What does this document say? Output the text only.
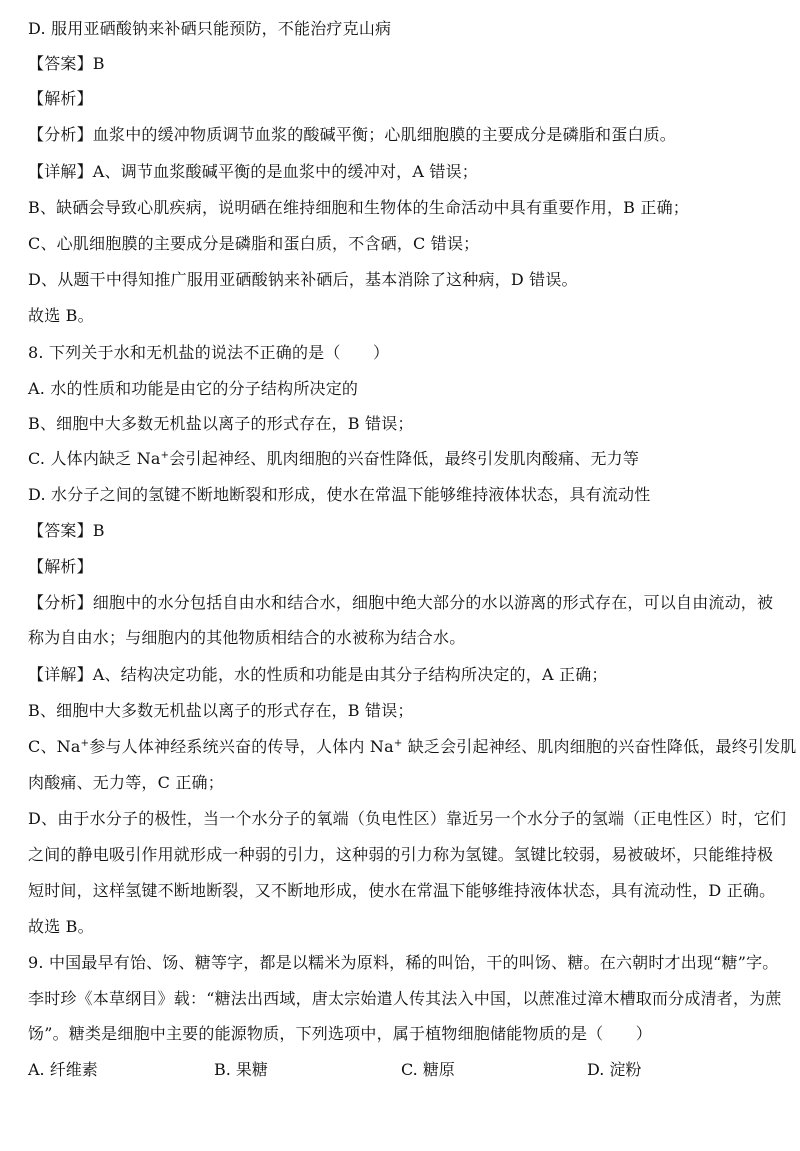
D. 服用亚硒酸钠来补硒只能预防，不能治疗克山病
【答案】B
【解析】
【分析】血浆中的缓冲物质调节血浆的酸碱平衡；心肌细胞膜的主要成分是磷脂和蛋白质。
【详解】A、调节血浆酸碱平衡的是血浆中的缓冲对，A 错误；
B、缺硒会导致心肌疾病，说明硒在维持细胞和生物体的生命活动中具有重要作用，B 正确；
C、心肌细胞膜的主要成分是磷脂和蛋白质，不含硒，C 错误；
D、从题干中得知推广服用亚硒酸钠来补硒后，基本消除了这种病，D 错误。
故选 B。
8. 下列关于水和无机盐的说法不正确的是（　　）
A. 水的性质和功能是由它的分子结构所决定的
B、细胞中大多数无机盐以离子的形式存在，B 错误；
C. 人体内缺乏 Na+会引起神经、肌肉细胞的兴奋性降低，最终引发肌肉酸痛、无力等
D. 水分子之间的氢键不断地断裂和形成，使水在常温下能够维持液体状态，具有流动性
【答案】B
【解析】
【分析】细胞中的水分包括自由水和结合水，细胞中绝大部分的水以游离的形式存在，可以自由流动，被
称为自由水；与细胞内的其他物质相结合的水被称为结合水。
【详解】A、结构决定功能，水的性质和功能是由其分子结构所决定的，A 正确；
B、细胞中大多数无机盐以离子的形式存在，B 错误；
C、Na+参与人体神经系统兴奋的传导，人体内 Na+ 缺乏会引起神经、肌肉细胞的兴奋性降低，最终引发肌
肉酸痛、无力等，C 正确；
D、由于水分子的极性，当一个水分子的氧端（负电性区）靠近另一个水分子的氢端（正电性区）时，它们
之间的静电吸引作用就形成一种弱的引力，这种弱的引力称为氢键。氢键比较弱，易被破坏，只能维持极
短时间，这样氢键不断地断裂，又不断地形成，使水在常温下能够维持液体状态，具有流动性，D 正确。
故选 B。
9. 中国最早有饴、饧、糖等字，都是以糯米为原料，稀的叫饴，干的叫饧、糖。在六朝时才出现“糖”字。
李时珍《本草纲目》载：“糖法出西域，唐太宗始遣人传其法入中国，以蔗准过漳木槽取而分成清者，为蔗
饧”。糖类是细胞中主要的能源物质，下列选项中，属于植物细胞储能物质的是（　　）
A. 纤维素	B. 果糖	C. 糖原	D. 淀粉
